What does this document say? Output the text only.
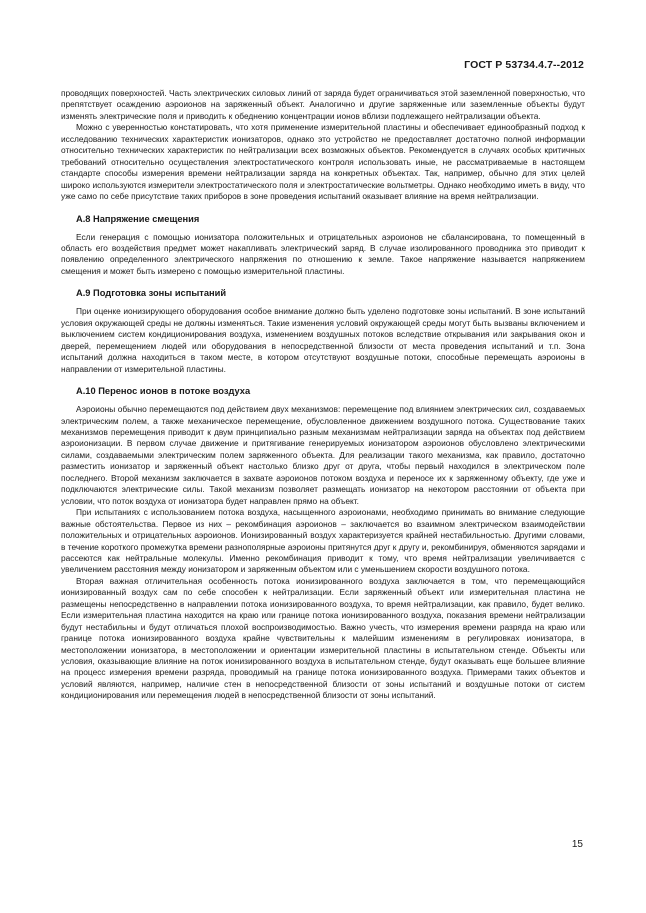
ГОСТ Р 53734.4.7--2012

проводящих поверхностей. Часть электрических силовых линий от заряда будет ограничиваться этой заземленной поверхностью, что препятствует осаждению аэроионов на заряженный объект. Аналогично и другие заряженные или заземленные объекты будут изменять электрические поля и приводить к обеднению концентрации ионов вблизи подлежащего нейтрализации объекта.

Можно с уверенностью констатировать, что хотя применение измерительной пластины и обеспечивает единообразный подход к исследованию технических характеристик ионизаторов, однако это устройство не предоставляет достаточно полной информации относительно технических характеристик по нейтрализации всех возможных объектов. Рекомендуется в случаях особых критичных требований относительно осуществления электростатического контроля использовать иные, не рассматриваемые в настоящем стандарте способы измерения времени нейтрализации заряда на конкретных объектах. Так, например, обычно для этих целей широко используются измерители электростатического поля и электростатические вольтметры. Однако необходимо иметь в виду, что уже само по себе присутствие таких приборов в зоне проведения испытаний оказывает влияние на время нейтрализации.

А.8 Напряжение смещения

Если генерация с помощью ионизатора положительных и отрицательных аэроионов не сбалансирована, то помещенный в область его воздействия предмет может накапливать электрический заряд. В случае изолированного проводника это приводит к появлению определенного электрического напряжения по отношению к земле. Такое напряжение называется напряжением смещения и может быть измерено с помощью измерительной пластины.

А.9 Подготовка зоны испытаний

При оценке ионизирующего оборудования особое внимание должно быть уделено подготовке зоны испытаний. В зоне испытаний условия окружающей среды не должны изменяться. Такие изменения условий окружающей среды могут быть вызваны включением и выключением систем кондиционирования воздуха, изменением воздушных потоков вследствие открывания или закрывания окон и дверей, перемещением людей или оборудования в непосредственной близости от места проведения испытаний и т.п. Зона испытаний должна находиться в таком месте, в котором отсутствуют воздушные потоки, способные перемещать аэроионы в направлении от измерительной пластины.

А.10 Перенос ионов в потоке воздуха

Аэроионы обычно перемещаются под действием двух механизмов: перемещение под влиянием электрических сил, создаваемых электрическим полем, а также механическое перемещение, обусловленное движением воздушного потока. Существование таких механизмов перемещения приводит к двум принципиально разным механизмам нейтрализации заряда на объектах под действием аэроионизации. В первом случае движение и притягивание генерируемых ионизатором аэроионов обусловлено электрическими силами, создаваемыми электрическим полем заряженного объекта. Для реализации такого механизма, как правило, достаточно разместить ионизатор и заряженный объект настолько близко друг от друга, чтобы первый находился в электрическом поле последнего. Второй механизм заключается в захвате аэроионов потоком воздуха и переносе их к заряженному объекту, где уже и подключаются электрические силы. Такой механизм позволяет размещать ионизатор на некотором расстоянии от объекта при условии, что поток воздуха от ионизатора будет направлен прямо на объект.

При испытаниях с использованием потока воздуха, насыщенного аэроионами, необходимо принимать во внимание следующие важные обстоятельства. Первое из них – рекомбинация аэроионов – заключается во взаимном электрическом взаимодействии положительных и отрицательных аэроионов. Ионизированный воздух характеризуется крайней нестабильностью. Другими словами, в течение короткого промежутка времени разнополярные аэроионы притянутся друг к другу и, рекомбинируя, обменяются зарядами и рассеются как нейтральные молекулы. Именно рекомбинация приводит к тому, что время нейтрализации увеличивается с увеличением расстояния между ионизатором и заряженным объектом или с уменьшением скорости воздушного потока.

Вторая важная отличительная особенность потока ионизированного воздуха заключается в том, что перемещающийся ионизированный воздух сам по себе способен к нейтрализации. Если заряженный объект или измерительная пластина не размещены непосредственно в направлении потока ионизированного воздуха, то время нейтрализации, как правило, будет велико. Если измерительная пластина находится на краю или границе потока ионизированного воздуха, показания времени нейтрализации будут нестабильны и будут отличаться плохой воспроизводимостью. Важно учесть, что измерения времени разряда на краю или границе потока ионизированного воздуха крайне чувствительны к малейшим изменениям в регулировках ионизатора, в местоположении ионизатора, в местоположении и ориентации измерительной пластины в испытательном стенде. Объекты или условия, оказывающие влияние на поток ионизированного воздуха в испытательном стенде, будут оказывать еще большее влияние на процесс измерения времени разряда, проводимый на границе потока ионизированного воздуха. Примерами таких объектов и условий являются, например, наличие стен в непосредственной близости от зоны испытаний и воздушные потоки от систем кондиционирования или перемещения людей в непосредственной близости от зоны испытаний.

15
